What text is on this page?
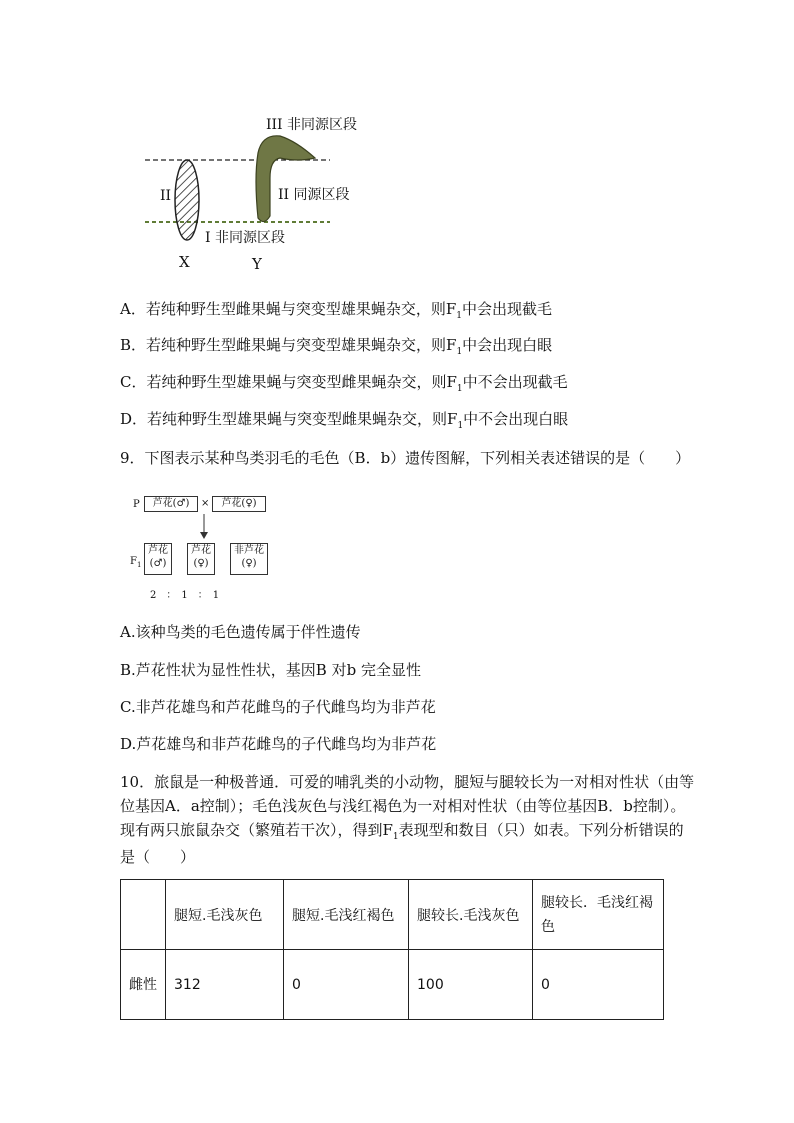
III 非同源区段
II	II 同源区段
I 非同源区段
X	Y
A．若纯种野生型雌果蝇与突变型雄果蝇杂交，则$F_1$中会出现截毛
B．若纯种野生型雌果蝇与突变型雄果蝇杂交，则$F_1$中会出现白眼
C．若纯种野生型雄果蝇与突变型雌果蝇杂交，则$F_1$中不会出现截毛
D．若纯种野生型雄果蝇与突变型雌果蝇杂交，则$F_1$中不会出现白眼
9．下图表示某种鸟类羽毛的毛色（B．b）遗传图解，下列相关表述错误的是（　　）
P	芦花(♂)	×	芦花(♀)
$F_1$
芦花
(♂)
芦花
(♀)
非芦花
(♀)
2　：　1　：　1
A.该种鸟类的毛色遗传属于伴性遗传
B.芦花性状为显性性状，基因B 对b 完全显性
C.非芦花雄鸟和芦花雌鸟的子代雌鸟均为非芦花
D.芦花雄鸟和非芦花雌鸟的子代雌鸟均为非芦花
10．旅鼠是一种极普通．可爱的哺乳类的小动物，腿短与腿较长为一对相对性状（由等
位基因A．a控制）；毛色浅灰色与浅红褐色为一对相对性状（由等位基因B．b控制）。
现有两只旅鼠杂交（繁殖若干次），得到$F_1$表现型和数目（只）如表。下列分析错误的
是（　　）
	腿短.毛浅灰色	腿短.毛浅红褐色	腿较长.毛浅灰色	腿较长．毛浅红褐色
雌性	312	0	100	0
